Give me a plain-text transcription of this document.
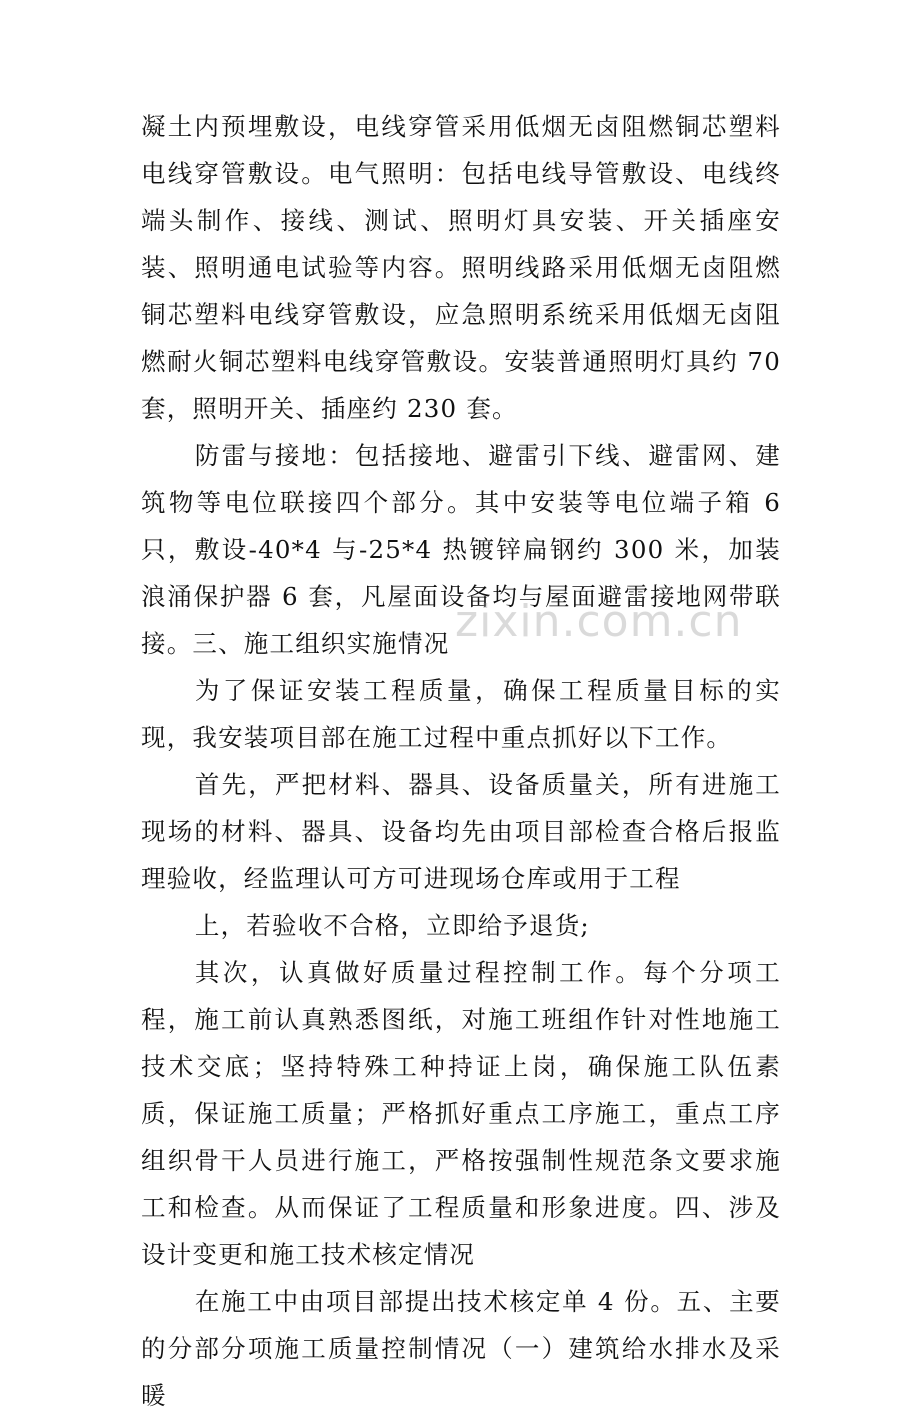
凝土内预埋敷设，电线穿管采用低烟无卤阻燃铜芯塑料电线穿管敷设。电气照明：包括电线导管敷设、电线终端头制作、接线、测试、照明灯具安装、开关插座安装、照明通电试验等内容。照明线路采用低烟无卤阻燃铜芯塑料电线穿管敷设，应急照明系统采用低烟无卤阻燃耐火铜芯塑料电线穿管敷设。安装普通照明灯具约 70 套，照明开关、插座约 230 套。

防雷与接地：包括接地、避雷引下线、避雷网、建筑物等电位联接四个部分。其中安装等电位端子箱 6 只，敷设-40*4 与-25*4 热镀锌扁钢约 300 米，加装浪涌保护器 6 套，凡屋面设备均与屋面避雷接地网带联接。三、施工组织实施情况

为了保证安装工程质量，确保工程质量目标的实现，我安装项目部在施工过程中重点抓好以下工作。

首先，严把材料、器具、设备质量关，所有进施工现场的材料、器具、设备均先由项目部检查合格后报监理验收，经监理认可方可进现场仓库或用于工程

上，若验收不合格，立即给予退货;

其次，认真做好质量过程控制工作。每个分项工程，施工前认真熟悉图纸，对施工班组作针对性地施工技术交底；坚持特殊工种持证上岗，确保施工队伍素质，保证施工质量；严格抓好重点工序施工，重点工序组织骨干人员进行施工，严格按强制性规范条文要求施工和检查。从而保证了工程质量和形象进度。四、涉及设计变更和施工技术核定情况

在施工中由项目部提出技术核定单 4 份。五、主要的分部分项施工质量控制情况（一）建筑给水排水及采暖

zixin.com.cn
